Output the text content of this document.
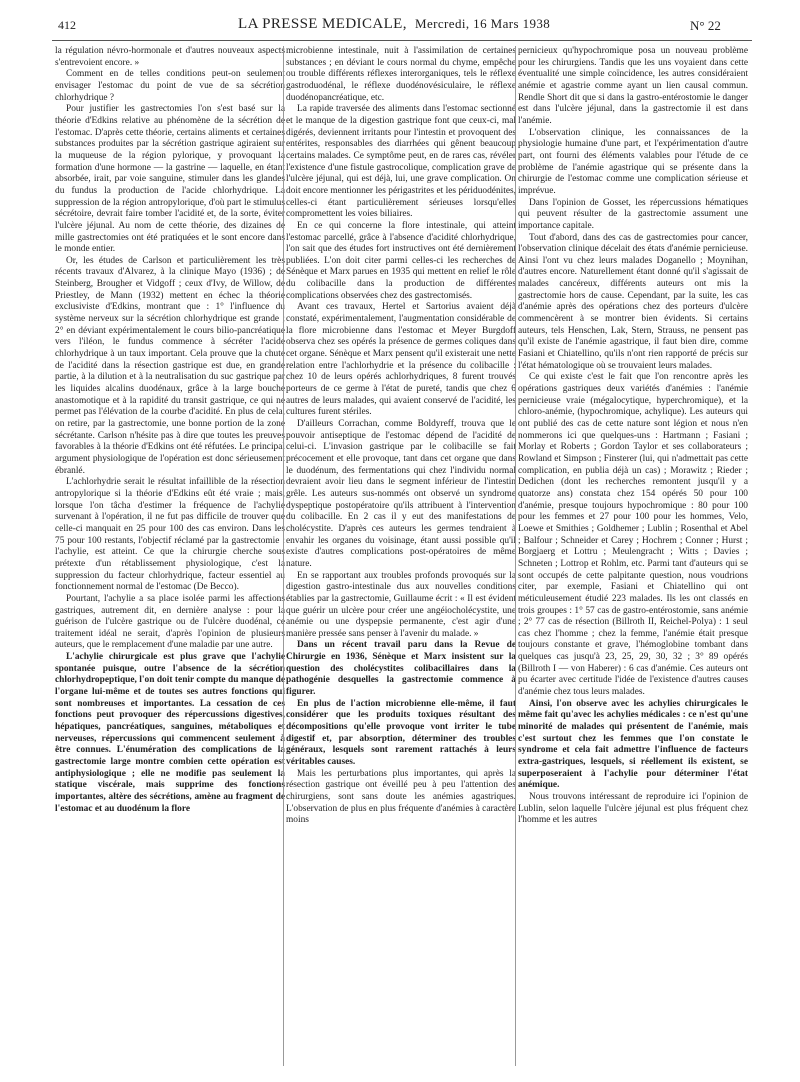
412	LA PRESSE MEDICALE, Mercredi, 16 Mars 1938	N° 22

la régulation névro-hormonale et d'autres nouveaux aspects s'entrevoient encore. »

Comment en de telles conditions peut-on seulement envisager l'estomac du point de vue de sa sécrétion chlorhydrique ?

Pour justifier les gastrectomies l'on s'est basé sur la théorie d'Edkins relative au phénomène de la sécrétion de l'estomac. D'après cette théorie, certains aliments et certaines substances produites par la sécrétion gastrique agiraient sur la muqueuse de la région pylorique, y provoquant la formation d'une hormone — la gastrine — laquelle, en étant absorbée, irait, par voie sanguine, stimuler dans les glandes du fundus la production de l'acide chlorhydrique. La suppression de la région antropylorique, d'où part le stimulus sécrétoire, devrait faire tomber l'acidité et, de la sorte, éviter l'ulcère jéjunal. Au nom de cette théorie, des dizaines de mille gastrectomies ont été pratiquées et le sont encore dans le monde entier.

Or, les études de Carlson et particulièrement les très récents travaux d'Alvarez, à la clinique Mayo (1936) ; de Steinberg, Brougher et Vidgoff ; ceux d'Ivy, de Willow, de Priestley, de Mann (1932) mettent en échec la théorie exclusiviste d'Edkins, montrant que : 1° l'influence du système nerveux sur la sécrétion chlorhydrique est grande ; 2° en déviant expérimentalement le cours bilio-pancréatique vers l'iléon, le fundus commence à sécréter l'acide chlorhydrique à un taux important. Cela prouve que la chute de l'acidité dans la résection gastrique est due, en grande partie, à la dilution et à la neutralisation du suc gastrique par les liquides alcalins duodénaux, grâce à la large bouche anastomotique et à la rapidité du transit gastrique, ce qui ne permet pas l'élévation de la courbe d'acidité. En plus de cela, on retire, par la gastrectomie, une bonne portion de la zone sécrétante. Carlson n'hésite pas à dire que toutes les preuves favorables à la théorie d'Edkins ont été réfutées. Le principal argument physiologique de l'opération est donc sérieusement ébranlé.

L'achlorhydrie serait le résultat infaillible de la résection antropylorique si la théorie d'Edkins eût été vraie ; mais, lorsque l'on tâcha d'estimer la fréquence de l'achylie survenant à l'opération, il ne fut pas difficile de trouver que celle-ci manquait en 25 pour 100 des cas environ. Dans les 75 pour 100 restants, l'objectif réclamé par la gastrectomie : l'achylie, est atteint. Ce que la chirurgie cherche sous prétexte d'un rétablissement physiologique, c'est la suppression du facteur chlorhydrique, facteur essentiel au fonctionnement normal de l'estomac (De Becco).

Pourtant, l'achylie a sa place isolée parmi les affections gastriques, autrement dit, en dernière analyse : pour la guérison de l'ulcère gastrique ou de l'ulcère duodénal, ce traitement idéal ne serait, d'après l'opinion de plusieurs auteurs, que le remplacement d'une maladie par une autre.

L'achylie chirurgicale est plus grave que l'achylie spontanée puisque, outre l'absence de la sécrétion chlorhydropeptique, l'on doit tenir compte du manque de l'organe lui-même et de toutes ses autres fonctions qui sont nombreuses et importantes. La cessation de ces fonctions peut provoquer des répercussions digestives, hépatiques, pancréatiques, sanguines, métaboliques et nerveuses, répercussions qui commencent seulement à être connues. L'énumération des complications de la gastrectomie large montre combien cette opération est antiphysiologique ; elle ne modifie pas seulement la statique viscérale, mais supprime des fonctions importantes, altère des sécrétions, amène au fragment de l'estomac et au duodénum la flore

microbienne intestinale, nuit à l'assimilation de certaines substances ; en déviant le cours normal du chyme, empêche ou trouble différents réflexes interorganiques, tels le réflexe gastroduodénal, le réflexe duodénovésiculaire, le réflexe duodénopancréatique, etc.

La rapide traversée des aliments dans l'estomac sectionné et le manque de la digestion gastrique font que ceux-ci, mal digérés, deviennent irritants pour l'intestin et provoquent des entérites, responsables des diarrhées qui gênent beaucoup certains malades. Ce symptôme peut, en de rares cas, révéler l'existence d'une fistule gastrocolique, complication grave de l'ulcère jéjunal, qui est déjà, lui, une grave complication. On doit encore mentionner les périgastrites et les périduodénites, celles-ci étant particulièrement sérieuses lorsqu'elles compromettent les voies biliaires.

En ce qui concerne la flore intestinale, qui atteint l'estomac parcellé, grâce à l'absence d'acidité chlorhydrique, l'on sait que des études fort instructives ont été dernièrement publiées. L'on doit citer parmi celles-ci les recherches de Sénèque et Marx parues en 1935 qui mettent en relief le rôle du colibacille dans la production de différentes complications observées chez des gastrectomisés.

Avant ces travaux, Hertel et Sartorius avaient déjà constaté, expérimentalement, l'augmentation considérable de la flore microbienne dans l'estomac et Meyer Burgdoff observa chez ses opérés la présence de germes coliques dans cet organe. Sénèque et Marx pensent qu'il existerait une nette relation entre l'achlorhydrie et la présence du colibacille : chez 10 de leurs opérés achlorhydriques, 8 furent trouvés porteurs de ce germe à l'état de pureté, tandis que chez 6 autres de leurs malades, qui avaient conservé de l'acidité, les cultures furent stériles.

D'ailleurs Corrachan, comme Boldyreff, trouva que le pouvoir antiseptique de l'estomac dépend de l'acidité de celui-ci. L'invasion gastrique par le colibacille se fait précocement et elle provoque, tant dans cet organe que dans le duodénum, des fermentations qui chez l'individu normal devraient avoir lieu dans le segment inférieur de l'intestin grêle. Les auteurs sus-nommés ont observé un syndrome dyspeptique postopératoire qu'ils attribuent à l'intervention du colibacille. En 2 cas il y eut des manifestations de cholécystite. D'après ces auteurs les germes tendraient à envahir les organes du voisinage, étant aussi possible qu'il existe d'autres complications post-opératoires de même nature.

En se rapportant aux troubles profonds provoqués sur la digestion gastro-intestinale dus aux nouvelles conditions établies par la gastrectomie, Guillaume écrit : « Il est évident que guérir un ulcère pour créer une angéiocholécystite, une anémie ou une dyspepsie permanente, c'est agir d'une manière pressée sans penser à l'avenir du malade. »

Dans un récent travail paru dans la Revue de Chirurgie en 1936, Sénèque et Marx insistent sur la question des cholécystites colibacillaires dans la pathogénie desquelles la gastrectomie commence à figurer.

En plus de l'action microbienne elle-même, il faut considérer que les produits toxiques résultant des décompositions qu'elle provoque vont irriter le tube digestif et, par absorption, déterminer des troubles généraux, lesquels sont rarement rattachés à leurs véritables causes.

Mais les perturbations plus importantes, qui après la résection gastrique ont éveillé peu à peu l'attention des chirurgiens, sont sans doute les anémies agastriques. L'observation de plus en plus fréquente d'anémies à caractère moins

pernicieux qu'hypochromique posa un nouveau problème pour les chirurgiens. Tandis que les uns voyaient dans cette éventualité une simple coïncidence, les autres considéraient anémie et agastrie comme ayant un lien causal commun. Rendle Short dit que si dans la gastro-entérostomie le danger est dans l'ulcère jéjunal, dans la gastrectomie il est dans l'anémie.

L'observation clinique, les connaissances de la physiologie humaine d'une part, et l'expérimentation d'autre part, ont fourni des éléments valables pour l'étude de ce problème de l'anémie agastrique qui se présente dans la chirurgie de l'estomac comme une complication sérieuse et imprévue.

Dans l'opinion de Gosset, les répercussions hématiques qui peuvent résulter de la gastrectomie assument une importance capitale.

Tout d'abord, dans des cas de gastrectomies pour cancer, l'observation clinique décelait des états d'anémie pernicieuse. Ainsi l'ont vu chez leurs malades Doganello ; Moynihan, d'autres encore. Naturellement étant donné qu'il s'agissait de malades cancéreux, différents auteurs ont mis la gastrectomie hors de cause. Cependant, par la suite, les cas d'anémie après des opérations chez des porteurs d'ulcère commencèrent à se montrer bien évidents. Si certains auteurs, tels Henschen, Lak, Stern, Strauss, ne pensent pas qu'il existe de l'anémie agastrique, il faut bien dire, comme Fasiani et Chiatellino, qu'ils n'ont rien rapporté de précis sur l'état hématologique où se trouvaient leurs malades.

Ce qui existe c'est le fait que l'on rencontre après les opérations gastriques deux variétés d'anémies : l'anémie pernicieuse vraie (mégalocytique, hyperchromique), et la chloro-anémie, (hypochromique, achylique). Les auteurs qui ont publié des cas de cette nature sont légion et nous n'en nommerons ici que quelques-uns : Hartmann ; Fasiani ; Morlay et Roberts ; Gordon Taylor et ses collaborateurs ; Rowland et Simpson ; Finsterer (lui, qui n'admettait pas cette complication, en publia déjà un cas) ; Morawitz ; Rieder ; Dedichen (dont les recherches remontent jusqu'il y a quatorze ans) constata chez 154 opérés 50 pour 100 d'anémie, presque toujours hypochromique : 80 pour 100 pour les femmes et 27 pour 100 pour les hommes, Velo, Loewe et Smithies ; Goldhemer ; Lublin ; Rosenthal et Abel ; Balfour ; Schneider et Carey ; Hochrem ; Conner ; Hurst ; Borgjaerg et Lottru ; Meulengracht ; Witts ; Davies ; Schneten ; Lottrop et Rohlm, etc. Parmi tant d'auteurs qui se sont occupés de cette palpitante question, nous voudrions citer, par exemple, Fasiani et Chiatellino qui ont méticuleusement étudié 223 malades. Ils les ont classés en trois groupes : 1° 57 cas de gastro-entérostomie, sans anémie ; 2° 77 cas de résection (Billroth II, Reichel-Polya) : 1 seul cas chez l'homme ; chez la femme, l'anémie était presque toujours constante et grave, l'hémoglobine tombant dans quelques cas jusqu'à 23, 25, 29, 30, 32 ; 3° 89 opérés (Billroth I — von Haberer) : 6 cas d'anémie. Ces auteurs ont pu écarter avec certitude l'idée de l'existence d'autres causes d'anémie chez tous leurs malades.

Ainsi, l'on observe avec les achylies chirurgicales le même fait qu'avec les achylies médicales : ce n'est qu'une minorité de malades qui présentent de l'anémie, mais c'est surtout chez les femmes que l'on constate le syndrome et cela fait admettre l'influence de facteurs extra-gastriques, lesquels, si réellement ils existent, se superposeraient à l'achylie pour déterminer l'état anémique.

Nous trouvons intéressant de reproduire ici l'opinion de Lublin, selon laquelle l'ulcère jéjunal est plus fréquent chez l'homme et les autres
